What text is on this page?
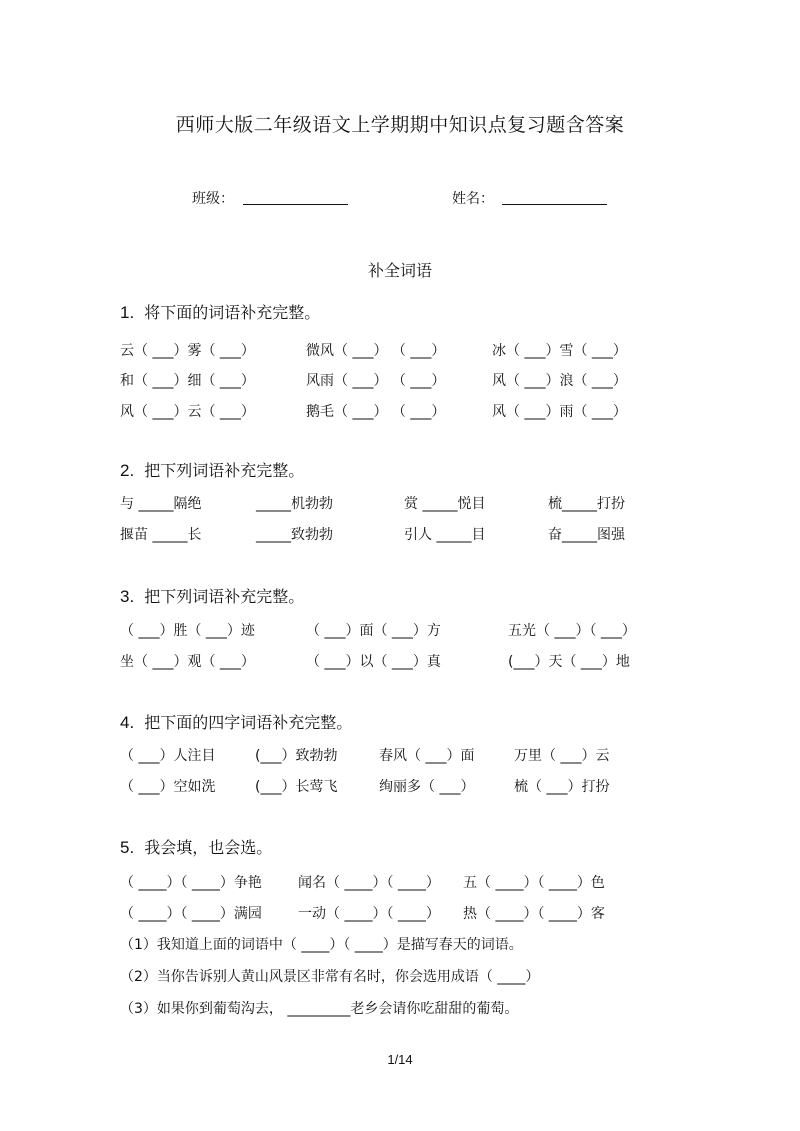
西师大版二年级语文上学期期中知识点复习题含答案
班级：	姓名：
补全词语
1. 将下面的词语补充完整。
云（ ___）雾（ ___）	微风（ ___） （ ___）	冰（ ___）雪（ ___）
和（ ___）细（ ___）	风雨（ ___） （ ___）	风（ ___）浪（ ___）
风（ ___）云（ ___）	鹅毛（ ___） （ ___）	风（ ___）雨（ ___）
2. 把下列词语补充完整。
与 _____隔绝	_____机勃勃	赏 _____悦目	梳_____打扮
揠苗 _____长	_____致勃勃	引人 _____目	奋_____图强
3. 把下列词语补充完整。
（ ___）胜（ ___）迹	（ ___）面（ ___）方	五光（ ___）（ ___）
坐（ ___）观（ ___）	（ ___）以（ ___）真	(___）天（ ___）地
4. 把下面的四字词语补充完整。
（ ___）人注目	(___）致勃勃	春风（ ___）面	万里（ ___）云
（ ___）空如洗	(___）长莺飞	绚丽多（ ___）	梳（ ___）打扮
5. 我会填，也会选。
（ ____）（ ____）争艳	闻名（ ____）（ ____） 五（ ____）（ ____）色
（ ____）（ ____）满园	一动（ ____）（ ____） 热（ ____）（ ____）客
（1）我知道上面的词语中（ ____）（ ____）是描写春天的词语。
（2）当你告诉别人黄山风景区非常有名时，你会选用成语（ ____）
（3）如果你到葡萄沟去， _________老乡会请你吃甜甜的葡萄。
1/14
